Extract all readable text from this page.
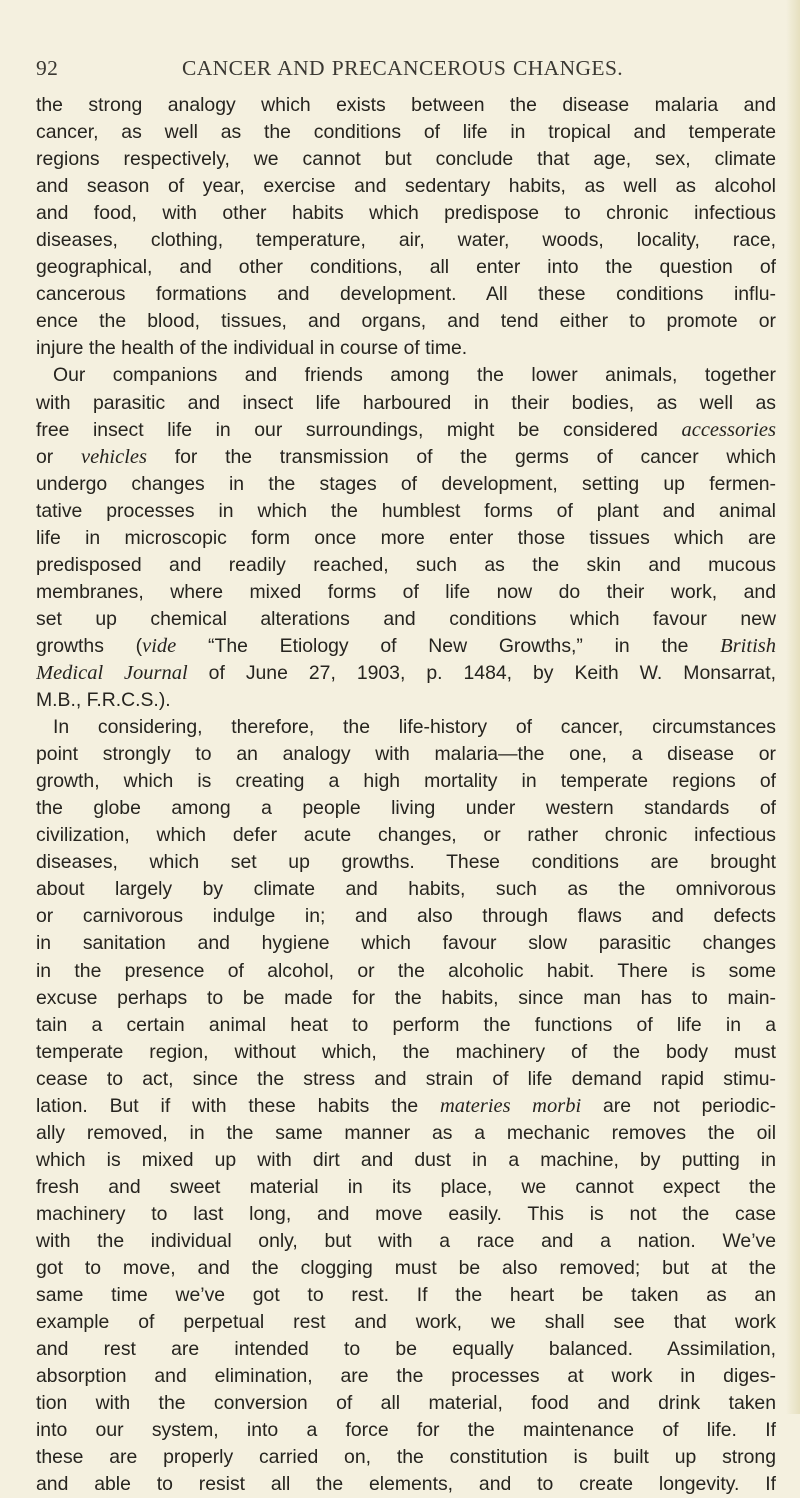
92	CANCER AND PRECANCEROUS CHANGES.
the strong analogy which exists between the disease malaria and
cancer, as well as the conditions of life in tropical and temperate
regions respectively, we cannot but conclude that age, sex, climate
and season of year, exercise and sedentary habits, as well as alcohol
and food, with other habits which predispose to chronic infectious
diseases, clothing, temperature, air, water, woods, locality, race,
geographical, and other conditions, all enter into the question of
cancerous formations and development. All these conditions influ-
ence the blood, tissues, and organs, and tend either to promote or
injure the health of the individual in course of time.
Our companions and friends among the lower animals, together
with parasitic and insect life harboured in their bodies, as well as
free insect life in our surroundings, might be considered accessories
or vehicles for the transmission of the germs of cancer which
undergo changes in the stages of development, setting up fermen-
tative processes in which the humblest forms of plant and animal
life in microscopic form once more enter those tissues which are
predisposed and readily reached, such as the skin and mucous
membranes, where mixed forms of life now do their work, and
set up chemical alterations and conditions which favour new
growths (vide “The Etiology of New Growths,” in the British
Medical Journal of June 27, 1903, p. 1484, by Keith W. Monsarrat,
M.B., F.R.C.S.).
In considering, therefore, the life-history of cancer, circumstances
point strongly to an analogy with malaria—the one, a disease or
growth, which is creating a high mortality in temperate regions of
the globe among a people living under western standards of
civilization, which defer acute changes, or rather chronic infectious
diseases, which set up growths. These conditions are brought
about largely by climate and habits, such as the omnivorous
or carnivorous indulge in; and also through flaws and defects
in sanitation and hygiene which favour slow parasitic changes
in the presence of alcohol, or the alcoholic habit. There is some
excuse perhaps to be made for the habits, since man has to main-
tain a certain animal heat to perform the functions of life in a
temperate region, without which, the machinery of the body must
cease to act, since the stress and strain of life demand rapid stimu-
lation. But if with these habits the materies morbi are not periodic-
ally removed, in the same manner as a mechanic removes the oil
which is mixed up with dirt and dust in a machine, by putting in
fresh and sweet material in its place, we cannot expect the
machinery to last long, and move easily. This is not the case
with the individual only, but with a race and a nation. We’ve
got to move, and the clogging must be also removed; but at the
same time we’ve got to rest. If the heart be taken as an
example of perpetual rest and work, we shall see that work
and rest are intended to be equally balanced. Assimilation,
absorption and elimination, are the processes at work in diges-
tion with the conversion of all material, food and drink taken
into our system, into a force for the maintenance of life. If
these are properly carried on, the constitution is built up strong
and able to resist all the elements, and to create longevity. If
